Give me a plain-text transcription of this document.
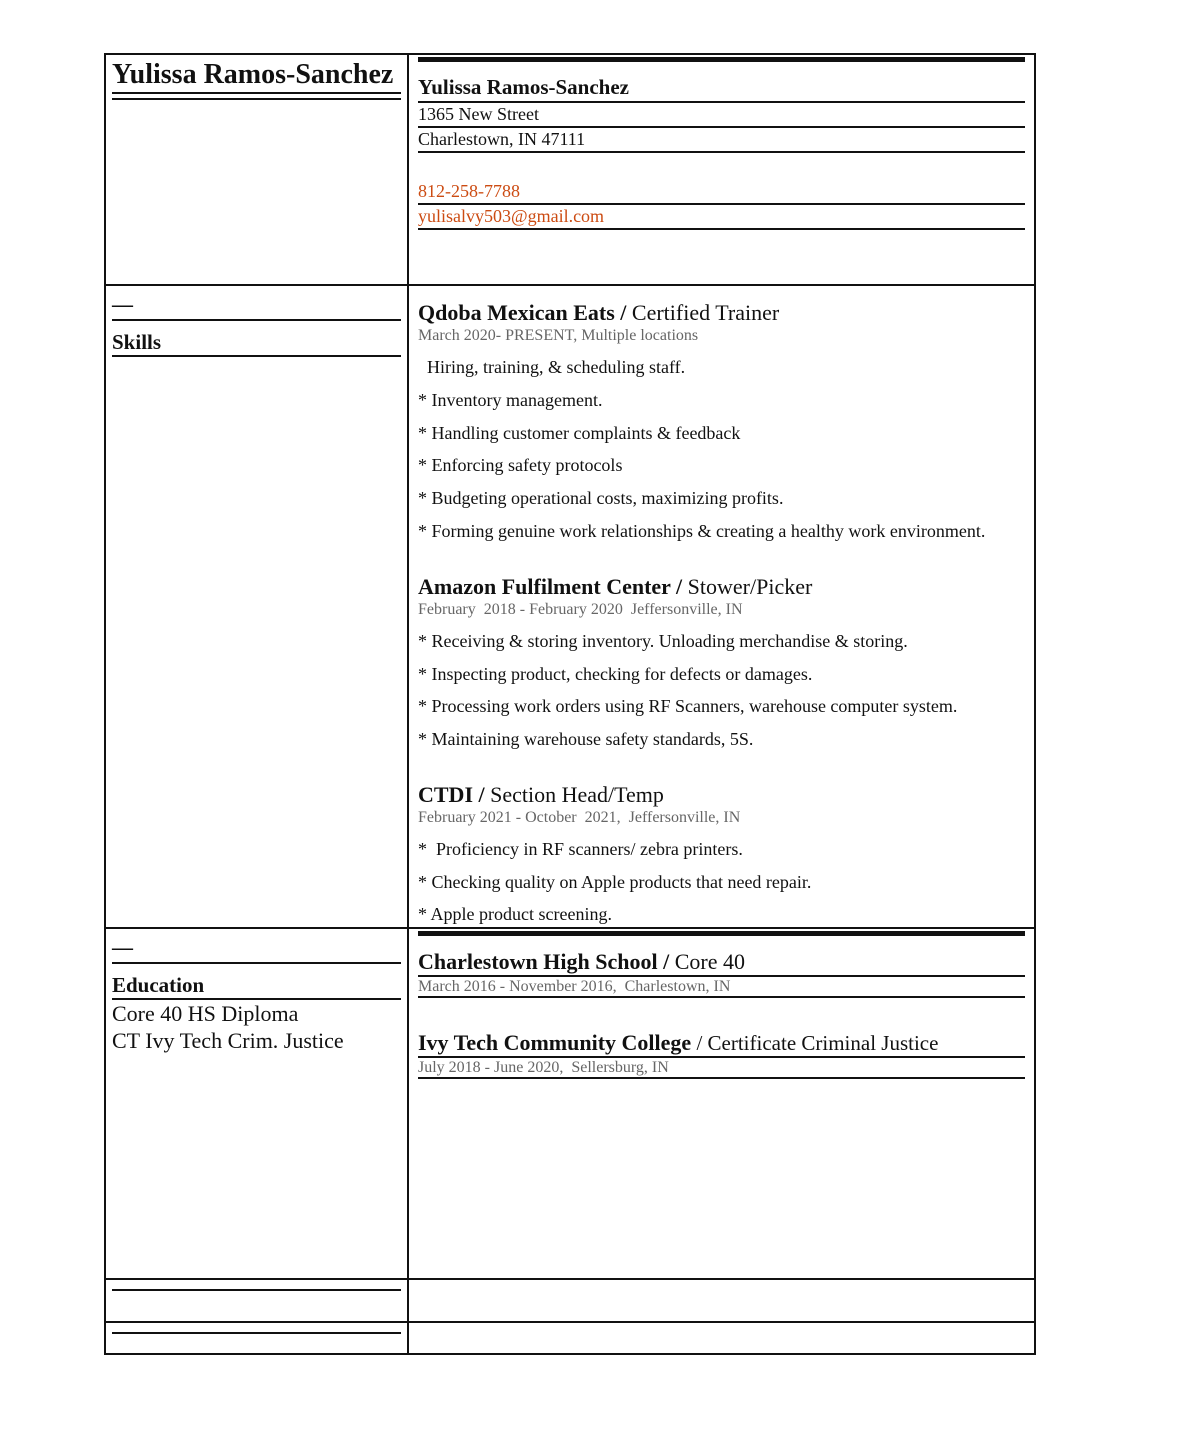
Yulissa Ramos-Sanchez
—
Skills
—
Education
Core 40 HS Diploma
CT Ivy Tech Crim. Justice
Yulissa Ramos-Sanchez
1365 New Street
Charlestown, IN 47111
812-258-7788
yulisalvy503@gmail.com
Qdoba Mexican Eats / Certified Trainer
March 2020- PRESENT, Multiple locations
Hiring, training, & scheduling staff.
* Inventory management.
* Handling customer complaints & feedback
* Enforcing safety protocols
* Budgeting operational costs, maximizing profits.
* Forming genuine work relationships & creating a healthy work environment.
Amazon Fulfilment Center / Stower/Picker
February  2018 - February 2020  Jeffersonville, IN
* Receiving & storing inventory. Unloading merchandise & storing.
* Inspecting product, checking for defects or damages.
* Processing work orders using RF Scanners, warehouse computer system.
* Maintaining warehouse safety standards, 5S.
CTDI / Section Head/Temp
February 2021 - October  2021,  Jeffersonville, IN
*  Proficiency in RF scanners/ zebra printers.
* Checking quality on Apple products that need repair.
* Apple product screening.
Charlestown High School / Core 40
March 2016 - November 2016,  Charlestown, IN
Ivy Tech Community College / Certificate Criminal Justice
July 2018 - June 2020,  Sellersburg, IN
